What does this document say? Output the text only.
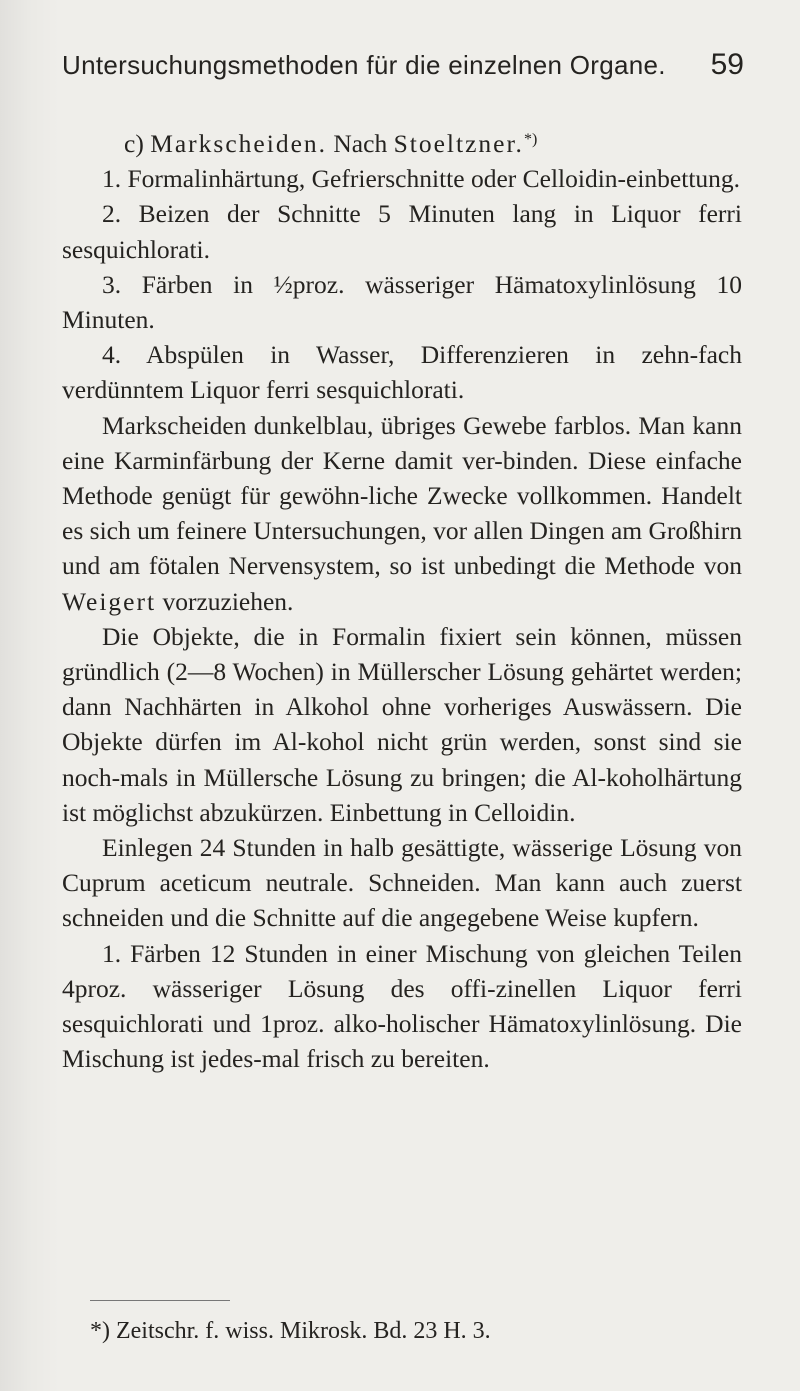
Untersuchungsmethoden für die einzelnen Organe. 59

c) Markscheiden. Nach Stoeltzner.*)

1. Formalinhärtung, Gefrierschnitte oder Celloidin-einbettung.

2. Beizen der Schnitte 5 Minuten lang in Liquor ferri sesquichlorati.

3. Färben in ½proz. wässeriger Hämatoxylinlösung 10 Minuten.

4. Abspülen in Wasser, Differenzieren in zehn-fach verdünntem Liquor ferri sesquichlorati.

Markscheiden dunkelblau, übriges Gewebe farblos. Man kann eine Karminfärbung der Kerne damit ver-binden. Diese einfache Methode genügt für gewöhn-liche Zwecke vollkommen. Handelt es sich um feinere Untersuchungen, vor allen Dingen am Großhirn und am fötalen Nervensystem, so ist unbedingt die Methode von Weigert vorzuziehen.

Die Objekte, die in Formalin fixiert sein können, müssen gründlich (2—8 Wochen) in Müllerscher Lösung gehärtet werden; dann Nachhärten in Alkohol ohne vorheriges Auswässern. Die Objekte dürfen im Al-kohol nicht grün werden, sonst sind sie noch-mals in Müllersche Lösung zu bringen; die Al-koholhärtung ist möglichst abzukürzen. Einbettung in Celloidin.

Einlegen 24 Stunden in halb gesättigte, wässerige Lösung von Cuprum aceticum neutrale. Schneiden. Man kann auch zuerst schneiden und die Schnitte auf die angegebene Weise kupfern.

1. Färben 12 Stunden in einer Mischung von gleichen Teilen 4proz. wässeriger Lösung des offi-zinellen Liquor ferri sesquichlorati und 1proz. alko-holischer Hämatoxylinlösung. Die Mischung ist jedes-mal frisch zu bereiten.

*) Zeitschr. f. wiss. Mikrosk. Bd. 23 H. 3.
